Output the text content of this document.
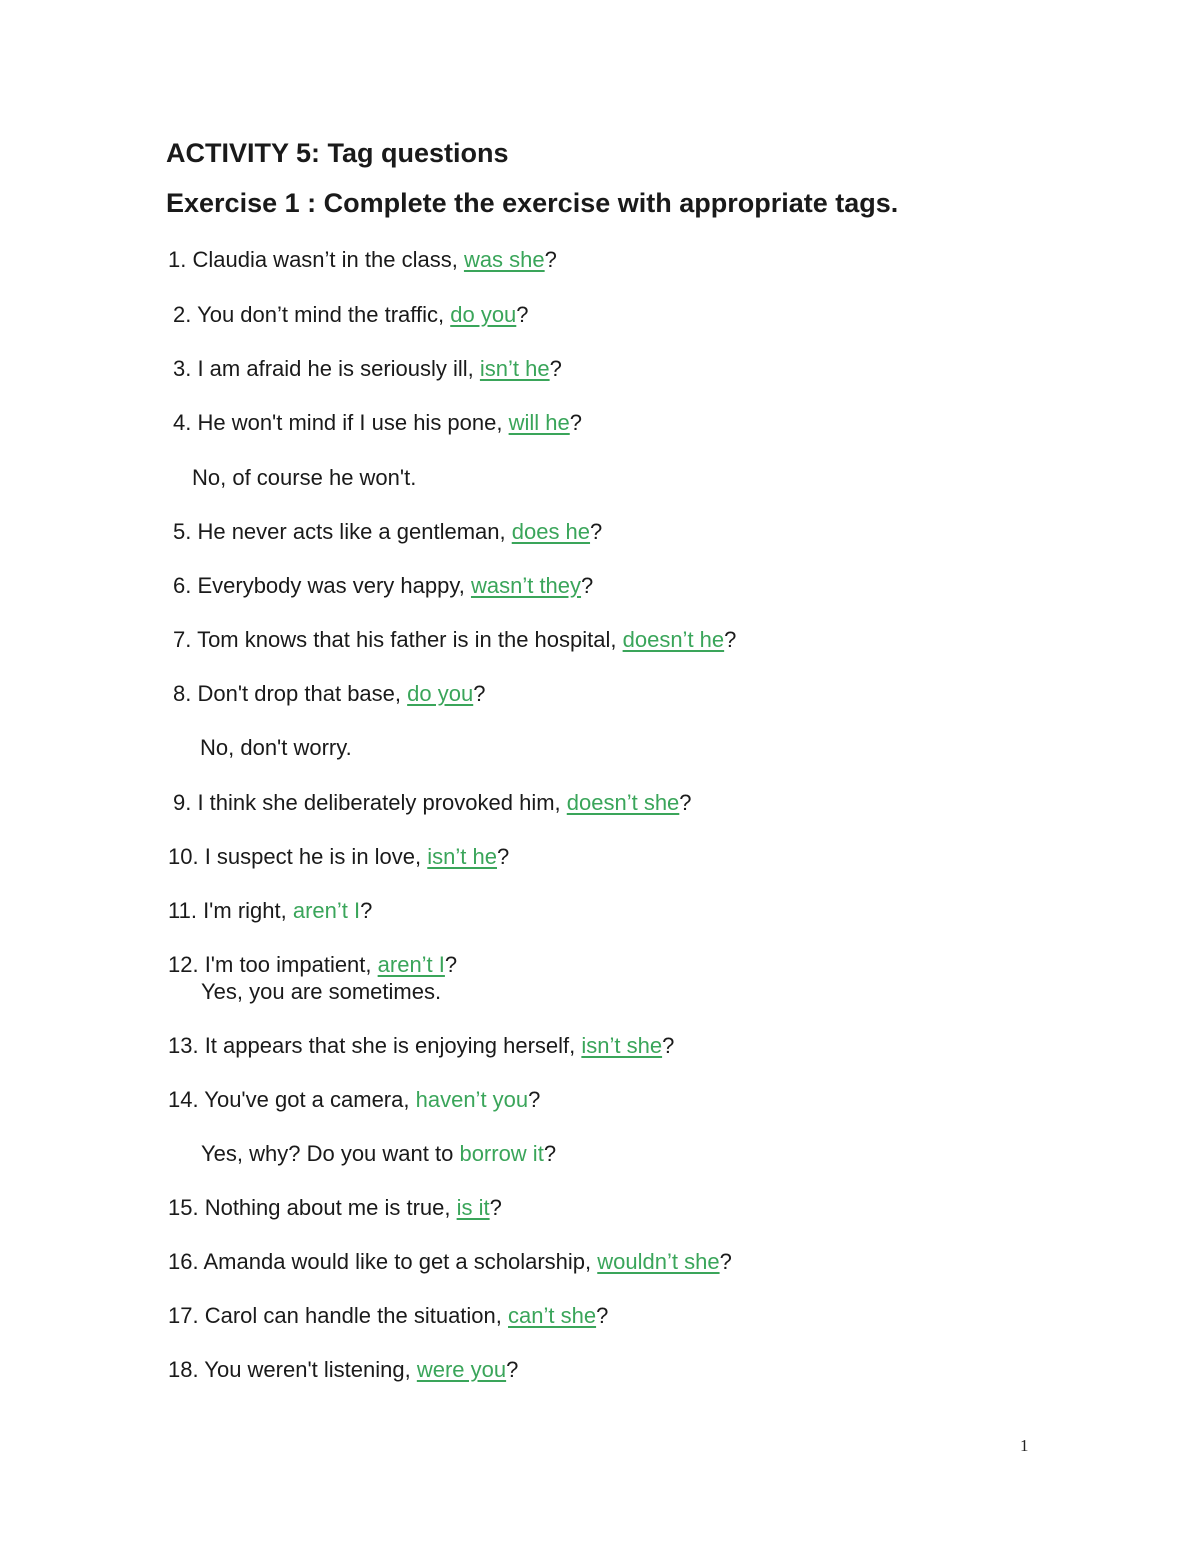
ACTIVITY 5: Tag questions
Exercise 1 : Complete the exercise with appropriate tags.
1. Claudia wasn’t in the class, was she?
2. You don’t mind the traffic, do you?
3. I am afraid he is seriously ill, isn’t he?
4. He won't mind if I use his pone, will he?
No, of course he won't.
5. He never acts like a gentleman, does he?
6. Everybody was very happy, wasn’t they?
7. Tom knows that his father is in the hospital, doesn’t he?
8. Don't drop that base, do you?
No, don't worry.
9. I think she deliberately provoked him, doesn’t she?
10. I suspect he is in love, isn’t he?
11. I'm right, aren’t I?
12. I'm too impatient, aren’t I?
Yes, you are sometimes.
13. It appears that she is enjoying herself, isn’t she?
14. You've got a camera, haven’t you?
Yes, why? Do you want to borrow it?
15. Nothing about me is true, is it?
16. Amanda would like to get a scholarship, wouldn’t she?
17. Carol can handle the situation, can’t she?
18. You weren't listening, were you?
1
